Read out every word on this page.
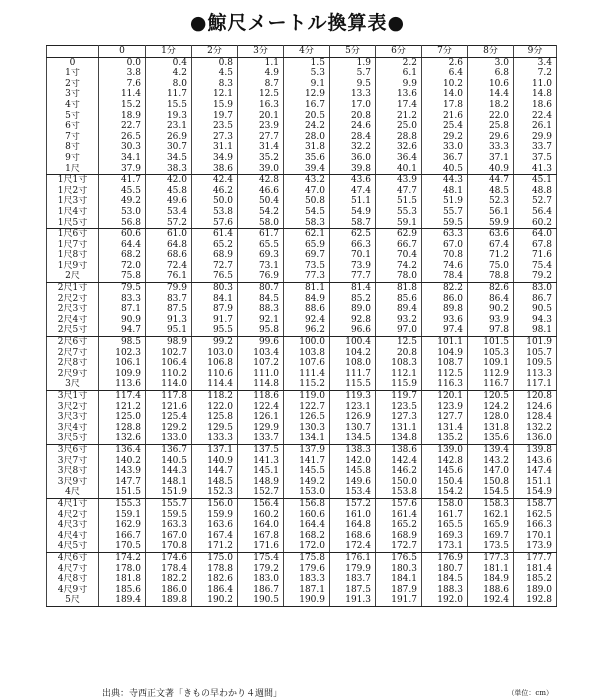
●鯨尺メートル換算表●
	0	1分	2分	3分	4分	5分	6分	7分	8分	9分
0	0.0	0.4	0.8	1.1	1.5	1.9	2.2	2.6	3.0	3.4
1寸	3.8	4.2	4.5	4.9	5.3	5.7	6.1	6.4	6.8	7.2
2寸	7.6	8.0	8.3	8.7	9.1	9.5	9.9	10.2	10.6	11.0
3寸	11.4	11.7	12.1	12.5	12.9	13.3	13.6	14.0	14.4	14.8
4寸	15.2	15.5	15.9	16.3	16.7	17.0	17.4	17.8	18.2	18.6
5寸	18.9	19.3	19.7	20.1	20.5	20.8	21.2	21.6	22.0	22.4
6寸	22.7	23.1	23.5	23.9	24.2	24.6	25.0	25.4	25.8	26.1
7寸	26.5	26.9	27.3	27.7	28.0	28.4	28.8	29.2	29.6	29.9
8寸	30.3	30.7	31.1	31.4	31.8	32.2	32.6	33.0	33.3	33.7
9寸	34.1	34.5	34.9	35.2	35.6	36.0	36.4	36.7	37.1	37.5
1尺	37.9	38.3	38.6	39.0	39.4	39.8	40.1	40.5	40.9	41.3
1尺1寸	41.7	42.0	42.4	42.8	43.2	43.6	43.9	44.3	44.7	45.1
1尺2寸	45.5	45.8	46.2	46.6	47.0	47.4	47.7	48.1	48.5	48.8
1尺3寸	49.2	49.6	50.0	50.4	50.8	51.1	51.5	51.9	52.3	52.7
1尺4寸	53.0	53.4	53.8	54.2	54.5	54.9	55.3	55.7	56.1	56.4
1尺5寸	56.8	57.2	57.6	58.0	58.3	58.7	59.1	59.5	59.9	60.2
1尺6寸	60.6	61.0	61.4	61.7	62.1	62.5	62.9	63.3	63.6	64.0
1尺7寸	64.4	64.8	65.2	65.5	65.9	66.3	66.7	67.0	67.4	67.8
1尺8寸	68.2	68.6	68.9	69.3	69.7	70.1	70.4	70.8	71.2	71.6
1尺9寸	72.0	72.4	72.7	73.1	73.5	73.9	74.2	74.6	75.0	75.4
2尺	75.8	76.1	76.5	76.9	77.3	77.7	78.0	78.4	78.8	79.2
2尺1寸	79.5	79.9	80.3	80.7	81.1	81.4	81.8	82.2	82.6	83.0
2尺2寸	83.3	83.7	84.1	84.5	84.9	85.2	85.6	86.0	86.4	86.7
2尺3寸	87.1	87.5	87.9	88.3	88.6	89.0	89.4	89.8	90.2	90.5
2尺4寸	90.9	91.3	91.7	92.1	92.4	92.8	93.2	93.6	93.9	94.3
2尺5寸	94.7	95.1	95.5	95.8	96.2	96.6	97.0	97.4	97.8	98.1
2尺6寸	98.5	98.9	99.2	99.6	100.0	100.4	12.5	101.1	101.5	101.9
2尺7寸	102.3	102.7	103.0	103.4	103.8	104.2	20.8	104.9	105.3	105.7
2尺8寸	106.1	106.4	106.8	107.2	107.6	108.0	108.3	108.7	109.1	109.5
2尺9寸	109.9	110.2	110.6	111.0	111.4	111.7	112.1	112.5	112.9	113.3
3尺	113.6	114.0	114.4	114.8	115.2	115.5	115.9	116.3	116.7	117.1
3尺1寸	117.4	117.8	118.2	118.6	119.0	119.3	119.7	120.1	120.5	120.8
3尺2寸	121.2	121.6	122.0	122.4	122.7	123.1	123.5	123.9	124.2	124.6
3尺3寸	125.0	125.4	125.8	126.1	126.5	126.9	127.3	127.7	128.0	128.4
3尺4寸	128.8	129.2	129.5	129.9	130.3	130.7	131.1	131.4	131.8	132.2
3尺5寸	132.6	133.0	133.3	133.7	134.1	134.5	134.8	135.2	135.6	136.0
3尺6寸	136.4	136.7	137.1	137.5	137.9	138.3	138.6	139.0	139.4	139.8
3尺7寸	140.2	140.5	140.9	141.3	141.7	142.0	142.4	142.8	143.2	143.6
3尺8寸	143.9	144.3	144.7	145.1	145.5	145.8	146.2	145.6	147.0	147.4
3尺9寸	147.7	148.1	148.5	148.9	149.2	149.6	150.0	150.4	150.8	151.1
4尺	151.5	151.9	152.3	152.7	153.0	153.4	153.8	154.2	154.5	154.9
4尺1寸	155.3	155.7	156.0	156.4	156.8	157.2	157.6	158.0	158.3	158.7
4尺2寸	159.1	159.5	159.9	160.2	160.6	161.0	161.4	161.7	162.1	162.5
4尺3寸	162.9	163.3	163.6	164.0	164.4	164.8	165.2	165.5	165.9	166.3
4尺4寸	166.7	167.0	167.4	167.8	168.2	168.6	168.9	169.3	169.7	170.1
4尺5寸	170.5	170.8	171.2	171.6	172.0	172.4	172.7	173.1	173.5	173.9
4尺6寸	174.2	174.6	175.0	175.4	175.8	176.1	176.5	176.9	177.3	177.7
4尺7寸	178.0	178.4	178.8	179.2	179.6	179.9	180.3	180.7	181.1	181.4
4尺8寸	181.8	182.2	182.6	183.0	183.3	183.7	184.1	184.5	184.9	185.2
4尺9寸	185.6	186.0	186.4	186.7	187.1	187.5	187.9	188.3	188.6	189.0
5尺	189.4	189.8	190.2	190.5	190.9	191.3	191.7	192.0	192.4	192.8
出典：寺西正文著「きもの早わかり４週間」	（単位：cm）
